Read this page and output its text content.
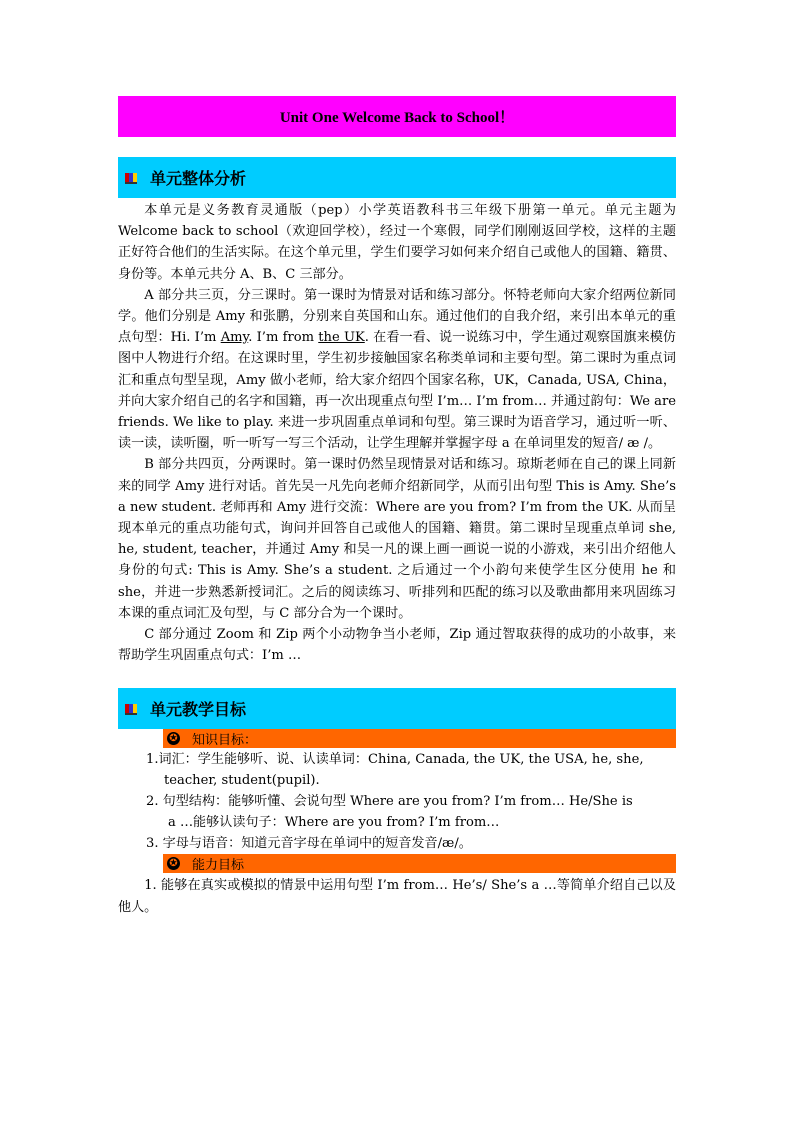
Unit One Welcome Back to School！
单元整体分析

本单元是义务教育灵通版（pep）小学英语教科书三年级下册第一单元。单元主题为 Welcome back to school（欢迎回学校），经过一个寒假，同学们刚刚返回学校，这样的主题正好符合他们的生活实际。在这个单元里，学生们要学习如何来介绍自己或他人的国籍、籍贯、身份等。本单元共分 A、B、C 三部分。

A 部分共三页，分三课时。第一课时为情景对话和练习部分。怀特老师向大家介绍两位新同学。他们分别是 Amy 和张鹏，分别来自英国和山东。通过他们的自我介绍，来引出本单元的重点句型：Hi. I’m Amy. I’m from the UK. 在看一看、说一说练习中，学生通过观察国旗来模仿图中人物进行介绍。在这课时里，学生初步接触国家名称类单词和主要句型。第二课时为重点词汇和重点句型呈现，Amy 做小老师，给大家介绍四个国家名称，UK，Canada, USA, China，并向大家介绍自己的名字和国籍，再一次出现重点句型 I’m… I’m from… 并通过韵句：We are friends. We like to play. 来进一步巩固重点单词和句型。第三课时为语音学习，通过听一听、读一读，读听圈，听一听写一写三个活动，让学生理解并掌握字母 a 在单词里发的短音/ æ /。

B 部分共四页，分两课时。第一课时仍然呈现情景对话和练习。琼斯老师在自己的课上同新来的同学 Amy 进行对话。首先吴一凡先向老师介绍新同学，从而引出句型 This is Amy. She’s a new student. 老师再和 Amy 进行交流：Where are you from? I’m from the UK. 从而呈现本单元的重点功能句式，询问并回答自己或他人的国籍、籍贯。第二课时呈现重点单词 she, he, student, teacher，并通过 Amy 和吴一凡的课上画一画说一说的小游戏，来引出介绍他人身份的句式: This is Amy. She’s a student. 之后通过一个小韵句来使学生区分使用 he 和 she，并进一步熟悉新授词汇。之后的阅读练习、听排列和匹配的练习以及歌曲都用来巩固练习本课的重点词汇及句型，与 C 部分合为一个课时。

C 部分通过 Zoom 和 Zip 两个小动物争当小老师，Zip 通过智取获得的成功的小故事，来帮助学生巩固重点句式：I’m …

单元教学目标
✪ 知识目标：

1.词汇：学生能够听、说、认读单词：China, Canada, the UK, the USA, he, she,

teacher, student(pupil).

2. 句型结构：能够听懂、会说句型 Where are you from? I’m from… He/She is

a …能够认读句子：Where are you from? I’m from…

3. 字母与语音：知道元音字母在单词中的短音发音/æ/。

✪ 能力目标

1. 能够在真实或模拟的情景中运用句型 I’m from… He’s/ She’s a …等简单介绍自己以及他人。
